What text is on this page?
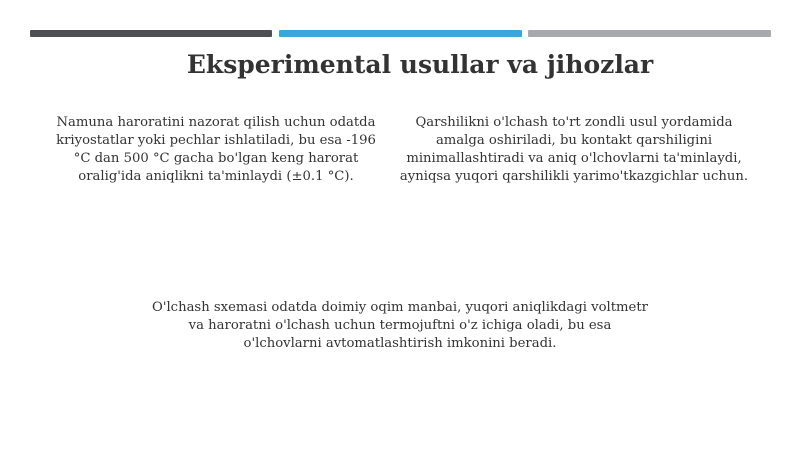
Eksperimental usullar va jihozlar

Namuna haroratini nazorat qilish uchun odatda kriyostatlar yoki pechlar ishlatiladi, bu esa -196 °C dan 500 °C gacha bo'lgan keng harorat oralig'ida aniqlikni ta'minlaydi (±0.1 °C).

Qarshilikni o'lchash to'rt zondli usul yordamida amalga oshiriladi, bu kontakt qarshiligini minimallashtiradi va aniq o'lchovlarni ta'minlaydi, ayniqsa yuqori qarshilikli yarimo'tkazgichlar uchun.

O'lchash sxemasi odatda doimiy oqim manbai, yuqori aniqlikdagi voltmetr va haroratni o'lchash uchun termojuftni o'z ichiga oladi, bu esa o'lchovlarni avtomatlashtirish imkonini beradi.
